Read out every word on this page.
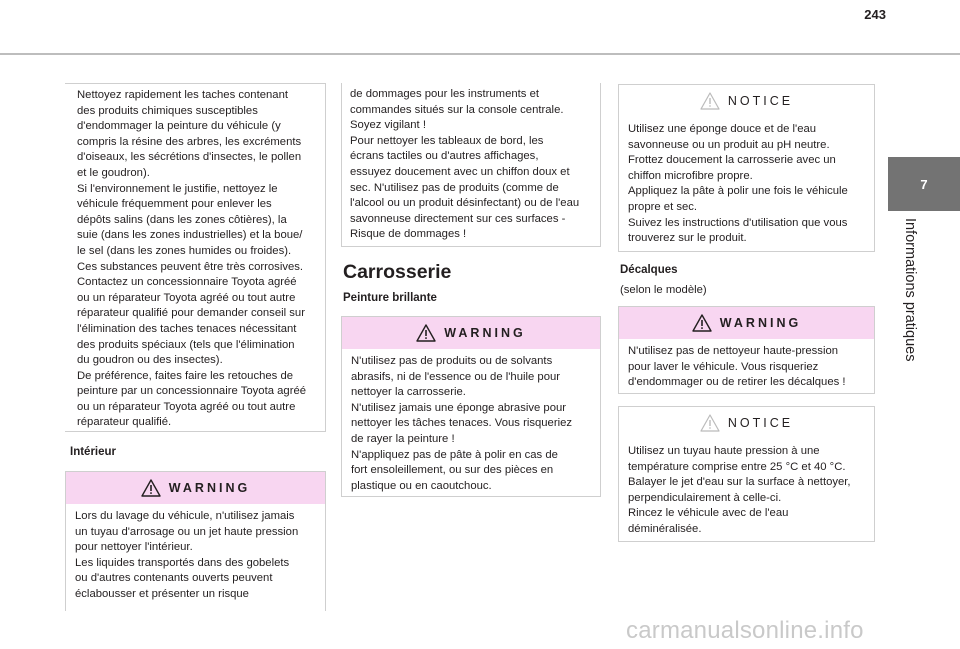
243
7
Informations pratiques
Nettoyez rapidement les taches contenant
des produits chimiques susceptibles
d'endommager la peinture du véhicule (y
compris la résine des arbres, les excréments
d'oiseaux, les sécrétions d'insectes, le pollen
et le goudron).
Si l'environnement le justifie, nettoyez le
véhicule fréquemment pour enlever les
dépôts salins (dans les zones côtières), la
suie (dans les zones industrielles) et la boue/
le sel (dans les zones humides ou froides).
Ces substances peuvent être très corrosives.
Contactez un concessionnaire Toyota agréé
ou un réparateur Toyota agréé ou tout autre
réparateur qualifié pour demander conseil sur
l'élimination des taches tenaces nécessitant
des produits spéciaux (tels que l'élimination
du goudron ou des insectes).
De préférence, faites faire les retouches de
peinture par un concessionnaire Toyota agréé
ou un réparateur Toyota agréé ou tout autre
réparateur qualifié.
Intérieur
WARNING
Lors du lavage du véhicule, n'utilisez jamais
un tuyau d'arrosage ou un jet haute pression
pour nettoyer l'intérieur.
Les liquides transportés dans des gobelets
ou d'autres contenants ouverts peuvent
éclabousser et présenter un risque
de dommages pour les instruments et
commandes situés sur la console centrale.
Soyez vigilant !
Pour nettoyer les tableaux de bord, les
écrans tactiles ou d'autres affichages,
essuyez doucement avec un chiffon doux et
sec. N'utilisez pas de produits (comme de
l'alcool ou un produit désinfectant) ou de l'eau
savonneuse directement sur ces surfaces -
Risque de dommages !
Carrosserie
Peinture brillante
WARNING
N'utilisez pas de produits ou de solvants
abrasifs, ni de l'essence ou de l'huile pour
nettoyer la carrosserie.
N'utilisez jamais une éponge abrasive pour
nettoyer les tâches tenaces. Vous risqueriez
de rayer la peinture !
N'appliquez pas de pâte à polir en cas de
fort ensoleillement, ou sur des pièces en
plastique ou en caoutchouc.
NOTICE
Utilisez une éponge douce et de l'eau
savonneuse ou un produit au pH neutre.
Frottez doucement la carrosserie avec un
chiffon microfibre propre.
Appliquez la pâte à polir une fois le véhicule
propre et sec.
Suivez les instructions d'utilisation que vous
trouverez sur le produit.
Décalques
(selon le modèle)
WARNING
N'utilisez pas de nettoyeur haute-pression
pour laver le véhicule. Vous risqueriez
d'endommager ou de retirer les décalques !
NOTICE
Utilisez un tuyau haute pression à une
température comprise entre 25 °C et 40 °C.
Balayer le jet d'eau sur la surface à nettoyer,
perpendiculairement à celle-ci.
Rincez le véhicule avec de l'eau
déminéralisée.
carmanualsonline.info
